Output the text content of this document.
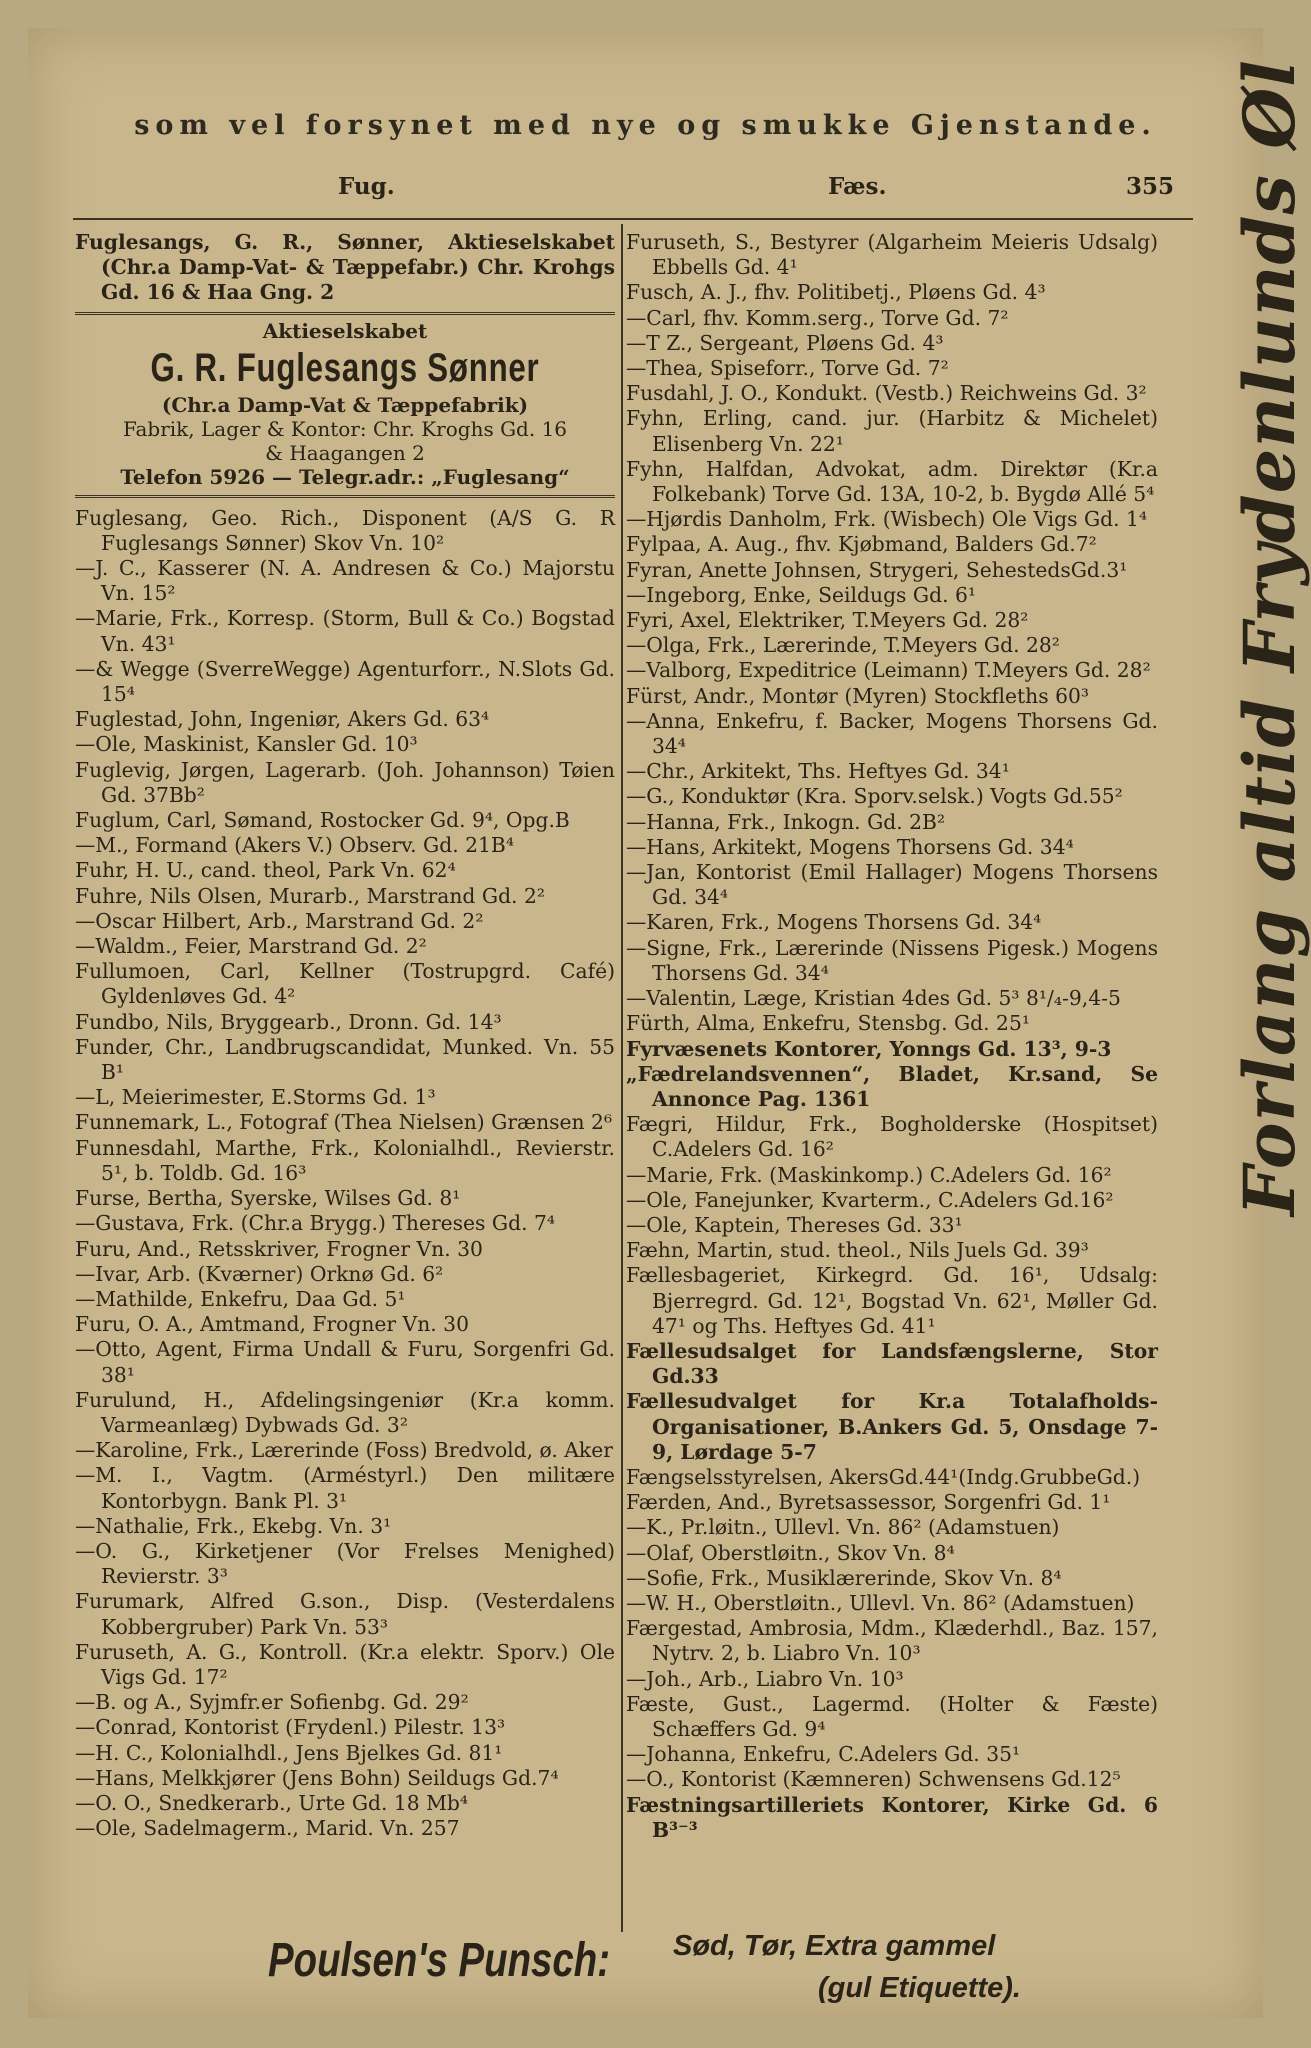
som vel forsynet med nye og smukke Gjenstande.
Fug.	Fæs.	355

Fuglesangs, G. R., Sønner, Aktieselskabet (Chr.a Damp-Vat- & Tæppefabr.) Chr. Krohgs Gd. 16 & Haa Gng. 2

Aktieselskabet
G. R. Fuglesangs Sønner
(Chr.a Damp-Vat & Tæppefabrik)
Fabrik, Lager & Kontor: Chr. Kroghs Gd. 16
& Haagangen 2
Telefon 5926 — Telegr.adr.: „Fuglesang“

Fuglesang, Geo. Rich., Disponent (A/S G. R Fuglesangs Sønner) Skov Vn. 10²

—J. C., Kasserer (N. A. Andresen & Co.) Majorstu Vn. 15²

—Marie, Frk., Korresp. (Storm, Bull & Co.) Bogstad Vn. 43¹

—& Wegge (SverreWegge) Agenturforr., N.Slots Gd. 15⁴

Fuglestad, John, Ingeniør, Akers Gd. 63⁴

—Ole, Maskinist, Kansler Gd. 10³

Fuglevig, Jørgen, Lagerarb. (Joh. Johannson) Tøien Gd. 37Bb²

Fuglum, Carl, Sømand, Rostocker Gd. 9⁴, Opg.B

—M., Formand (Akers V.) Observ. Gd. 21B⁴

Fuhr, H. U., cand. theol, Park Vn. 62⁴

Fuhre, Nils Olsen, Murarb., Marstrand Gd. 2²

—Oscar Hilbert, Arb., Marstrand Gd. 2²

—Waldm., Feier, Marstrand Gd. 2²

Fullumoen, Carl, Kellner (Tostrupgrd. Café) Gyldenløves Gd. 4²

Fundbo, Nils, Bryggearb., Dronn. Gd. 14³

Funder, Chr., Landbrugscandidat, Munked. Vn. 55 B¹

—L, Meierimester, E.Storms Gd. 1³

Funnemark, L., Fotograf (Thea Nielsen) Grænsen 2⁶

Funnesdahl, Marthe, Frk., Kolonialhdl., Revierstr. 5¹, b. Toldb. Gd. 16³

Furse, Bertha, Syerske, Wilses Gd. 8¹

—Gustava, Frk. (Chr.a Brygg.) Thereses Gd. 7⁴

Furu, And., Retsskriver, Frogner Vn. 30

—Ivar, Arb. (Kværner) Orknø Gd. 6²

—Mathilde, Enkefru, Daa Gd. 5¹

Furu, O. A., Amtmand, Frogner Vn. 30

—Otto, Agent, Firma Undall & Furu, Sorgenfri Gd. 38¹

Furulund, H., Afdelingsingeniør (Kr.a komm. Varmeanlæg) Dybwads Gd. 3²

—Karoline, Frk., Lærerinde (Foss) Bredvold, ø. Aker

—M. I., Vagtm. (Arméstyrl.) Den militære Kontorbygn. Bank Pl. 3¹

—Nathalie, Frk., Ekebg. Vn. 3¹

—O. G., Kirketjener (Vor Frelses Menighed) Revierstr. 3³

Furumark, Alfred G.son., Disp. (Vesterdalens Kobbergruber) Park Vn. 53³

Furuseth, A. G., Kontroll. (Kr.a elektr. Sporv.) Ole Vigs Gd. 17²

—B. og A., Syjmfr.er Sofienbg. Gd. 29²

—Conrad, Kontorist (Frydenl.) Pilestr. 13³

—H. C., Kolonialhdl., Jens Bjelkes Gd. 81¹

—Hans, Melkkjører (Jens Bohn) Seildugs Gd.7⁴

—O. O., Snedkerarb., Urte Gd. 18 Mb⁴

—Ole, Sadelmagerm., Marid. Vn. 257

Furuseth, S., Bestyrer (Algarheim Meieris Udsalg) Ebbells Gd. 4¹

Fusch, A. J., fhv. Politibetj., Pløens Gd. 4³

—Carl, fhv. Komm.serg., Torve Gd. 7²

—T Z., Sergeant, Pløens Gd. 4³

—Thea, Spiseforr., Torve Gd. 7²

Fusdahl, J. O., Kondukt. (Vestb.) Reichweins Gd. 3²

Fyhn, Erling, cand. jur. (Harbitz & Michelet) Elisenberg Vn. 22¹

Fyhn, Halfdan, Advokat, adm. Direktør (Kr.a Folkebank) Torve Gd. 13A, 10-2, b. Bygdø Allé 5⁴

—Hjørdis Danholm, Frk. (Wisbech) Ole Vigs Gd. 1⁴

Fylpaa, A. Aug., fhv. Kjøbmand, Balders Gd.7²

Fyran, Anette Johnsen, Strygeri, SehestedsGd.3¹

—Ingeborg, Enke, Seildugs Gd. 6¹

Fyri, Axel, Elektriker, T.Meyers Gd. 28²

—Olga, Frk., Lærerinde, T.Meyers Gd. 28²

—Valborg, Expeditrice (Leimann) T.Meyers Gd. 28²

Fürst, Andr., Montør (Myren) Stockfleths 60³

—Anna, Enkefru, f. Backer, Mogens Thorsens Gd. 34⁴

—Chr., Arkitekt, Ths. Heftyes Gd. 34¹

—G., Konduktør (Kra. Sporv.selsk.) Vogts Gd.55²

—Hanna, Frk., Inkogn. Gd. 2B²

—Hans, Arkitekt, Mogens Thorsens Gd. 34⁴

—Jan, Kontorist (Emil Hallager) Mogens Thorsens Gd. 34⁴

—Karen, Frk., Mogens Thorsens Gd. 34⁴

—Signe, Frk., Lærerinde (Nissens Pigesk.) Mogens Thorsens Gd. 34⁴

—Valentin, Læge, Kristian 4des Gd. 5³ 8¹/₄-9,4-5

Fürth, Alma, Enkefru, Stensbg. Gd. 25¹

Fyrvæsenets Kontorer, Yonngs Gd. 13³, 9-3

„Fædrelandsvennen“, Bladet, Kr.sand, Se Annonce Pag. 1361

Fægri, Hildur, Frk., Bogholderske (Hospitset) C.Adelers Gd. 16²

—Marie, Frk. (Maskinkomp.) C.Adelers Gd. 16²

—Ole, Fanejunker, Kvarterm., C.Adelers Gd.16²

—Ole, Kaptein, Thereses Gd. 33¹

Fæhn, Martin, stud. theol., Nils Juels Gd. 39³

Fællesbageriet, Kirkegrd. Gd. 16¹, Udsalg: Bjerregrd. Gd. 12¹, Bogstad Vn. 62¹, Møller Gd. 47¹ og Ths. Heftyes Gd. 41¹

Fællesudsalget for Landsfængslerne, Stor Gd.33

Fællesudvalget for Kr.a Totalafholds-Organisationer, B.Ankers Gd. 5, Onsdage 7-9, Lørdage 5-7

Fængselsstyrelsen, AkersGd.44¹(Indg.GrubbeGd.)

Færden, And., Byretsassessor, Sorgenfri Gd. 1¹

—K., Pr.løitn., Ullevl. Vn. 86² (Adamstuen)

—Olaf, Oberstløitn., Skov Vn. 8⁴

—Sofie, Frk., Musiklærerinde, Skov Vn. 8⁴

—W. H., Oberstløitn., Ullevl. Vn. 86² (Adamstuen)

Færgestad, Ambrosia, Mdm., Klæderhdl., Baz. 157, Nytrv. 2, b. Liabro Vn. 10³

—Joh., Arb., Liabro Vn. 10³

Fæste, Gust., Lagermd. (Holter & Fæste) Schæffers Gd. 9⁴

—Johanna, Enkefru, C.Adelers Gd. 35¹

—O., Kontorist (Kæmneren) Schwensens Gd.12⁵

Fæstningsartilleriets Kontorer, Kirke Gd. 6 B³⁻³

Forlang altid Frydenlunds Øl
Poulsen's Punsch: Sød, Tør, Extra gammel
(gul Etiquette).
